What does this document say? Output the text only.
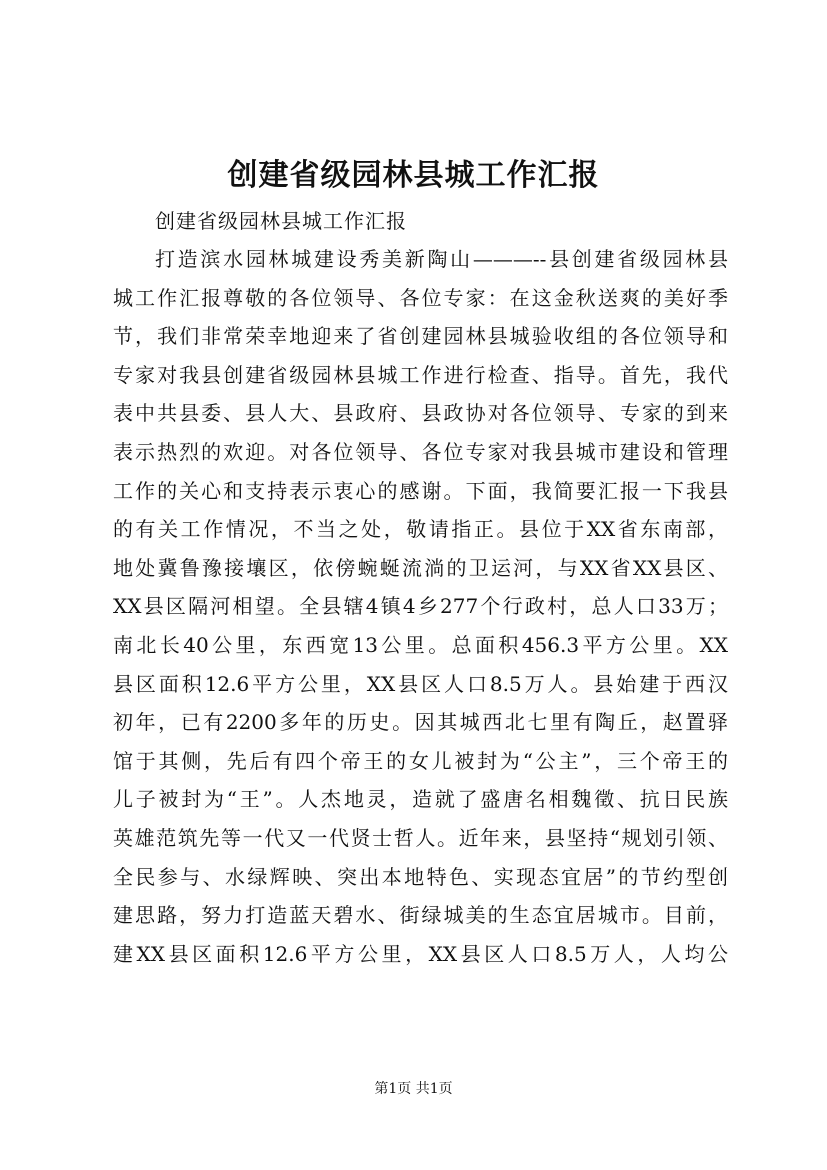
创建省级园林县城工作汇报
创建省级园林县城工作汇报
打造滨水园林城建设秀美新陶山———--县创建省级园林县
城工作汇报尊敬的各位领导、各位专家：在这金秋送爽的美好季
节，我们非常荣幸地迎来了省创建园林县城验收组的各位领导和
专家对我县创建省级园林县城工作进行检查、指导。首先，我代
表中共县委、县人大、县政府、县政协对各位领导、专家的到来
表示热烈的欢迎。对各位领导、各位专家对我县城市建设和管理
工作的关心和支持表示衷心的感谢。下面，我简要汇报一下我县
的有关工作情况，不当之处，敬请指正。县位于XX省东南部，
地处冀鲁豫接壤区，依傍蜿蜒流淌的卫运河，与XX省XX县区、
XX县区隔河相望。全县辖4镇4乡277个行政村，总人口33万；
南北长40公里，东西宽13公里。总面积456.3平方公里。XX
县区面积12.6平方公里，XX县区人口8.5万人。县始建于西汉
初年，已有2200多年的历史。因其城西北七里有陶丘，赵置驿
馆于其侧，先后有四个帝王的女儿被封为“公主”，三个帝王的
儿子被封为“王”。人杰地灵，造就了盛唐名相魏徵、抗日民族
英雄范筑先等一代又一代贤士哲人。近年来，县坚持“规划引领、
全民参与、水绿辉映、突出本地特色、实现态宜居”的节约型创
建思路，努力打造蓝天碧水、街绿城美的生态宜居城市。目前，
建XX县区面积12.6平方公里，XX县区人口8.5万人，人均公
第1页 共1页
